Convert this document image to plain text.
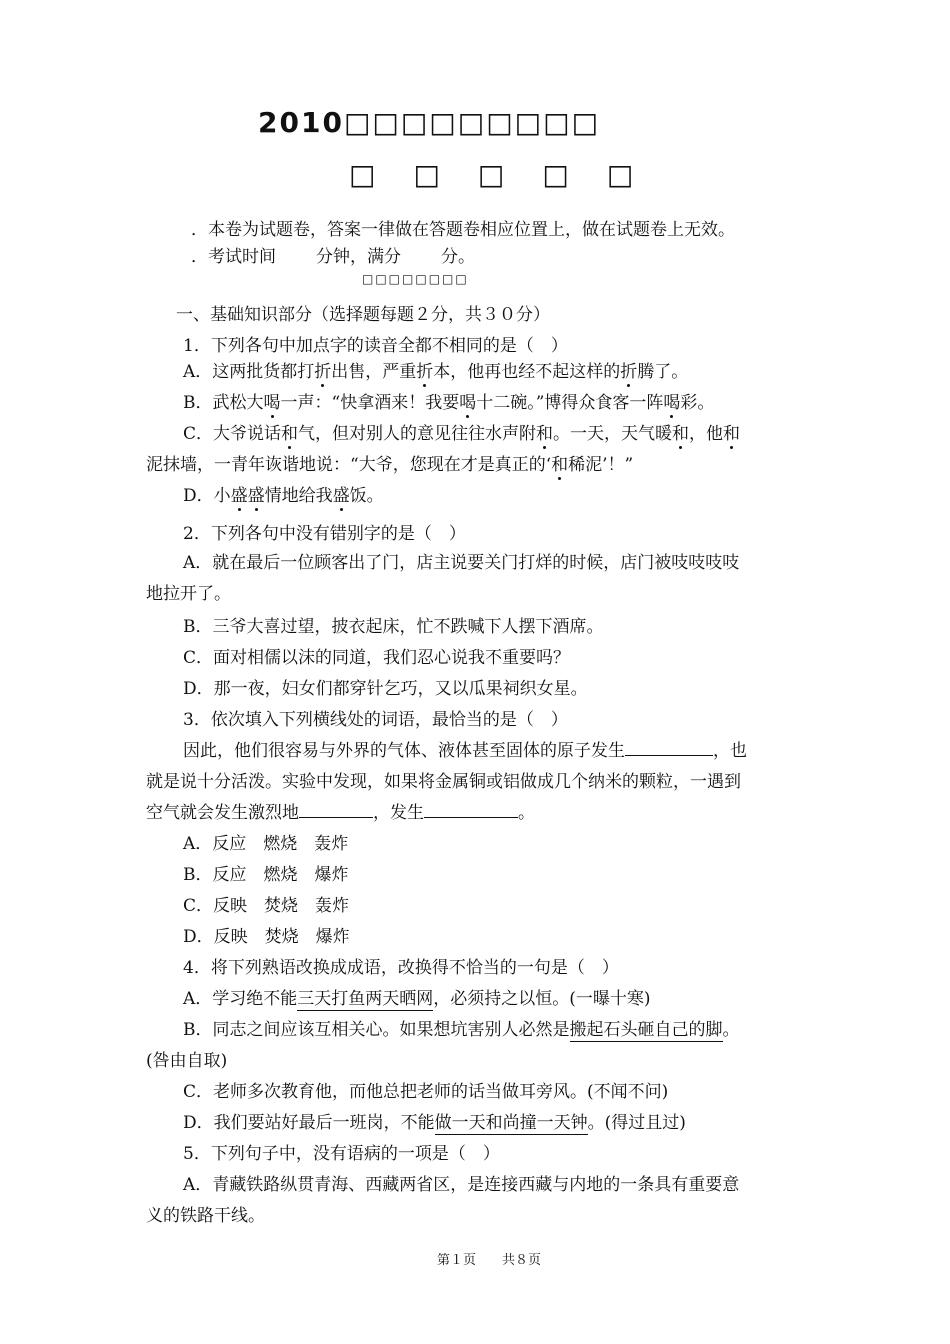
2010□□□□□□□□□
□□□□□
．本卷为试题卷，答案一律做在答题卷相应位置上，做在试题卷上无效。
．考试时间 分钟，满分 分。
□□□□□□□□
一、基础知识部分（选择题每题２分，共３０分）
1．下列各句中加点字的读音全都不相同的是（　）
A．这两批货都打折出售，严重折本，他再也经不起这样的折腾了。
B．武松大喝一声：“快拿酒来！我要喝十二碗。”博得众食客一阵喝彩。
C．大爷说话和气，但对别人的意见往往水声附和。一天，天气暖和，他和
泥抹墙，一青年诙谐地说：“大爷，您现在才是真正的‘和稀泥’！”
D．小盛盛情地给我盛饭。
2．下列各句中没有错别字的是（　）
A．就在最后一位顾客出了门，店主说要关门打烊的时候，店门被吱吱吱吱
地拉开了。
B．三爷大喜过望，披衣起床，忙不跌喊下人摆下酒席。
C．面对相儒以沫的同道，我们忍心说我不重要吗？
D．那一夜，妇女们都穿针乞巧，又以瓜果祠织女星。
3．依次填入下列横线处的词语，最恰当的是（　）
因此，他们很容易与外界的气体、液体甚至固体的原子发生	，也
就是说十分活泼。实验中发现，如果将金属铜或铝做成几个纳米的颗粒，一遇到
空气就会发生激烈地	，发生	。
A．反应　燃烧　轰炸
B．反应　燃烧　爆炸
C．反映　焚烧　轰炸
D．反映　焚烧　爆炸
4．将下列熟语改换成成语，改换得不恰当的一句是（　）
A．学习绝不能三天打鱼两天晒网，必须持之以恒。(一曝十寒)
B．同志之间应该互相关心。如果想坑害别人必然是搬起石头砸自己的脚。
(咎由自取)
C．老师多次教育他，而他总把老师的话当做耳旁风。(不闻不问)
D．我们要站好最后一班岗，不能做一天和尚撞一天钟。(得过且过)
5．下列句子中，没有语病的一项是（　）
A．青藏铁路纵贯青海、西藏两省区，是连接西藏与内地的一条具有重要意
义的铁路干线。
第１页　　共８页
